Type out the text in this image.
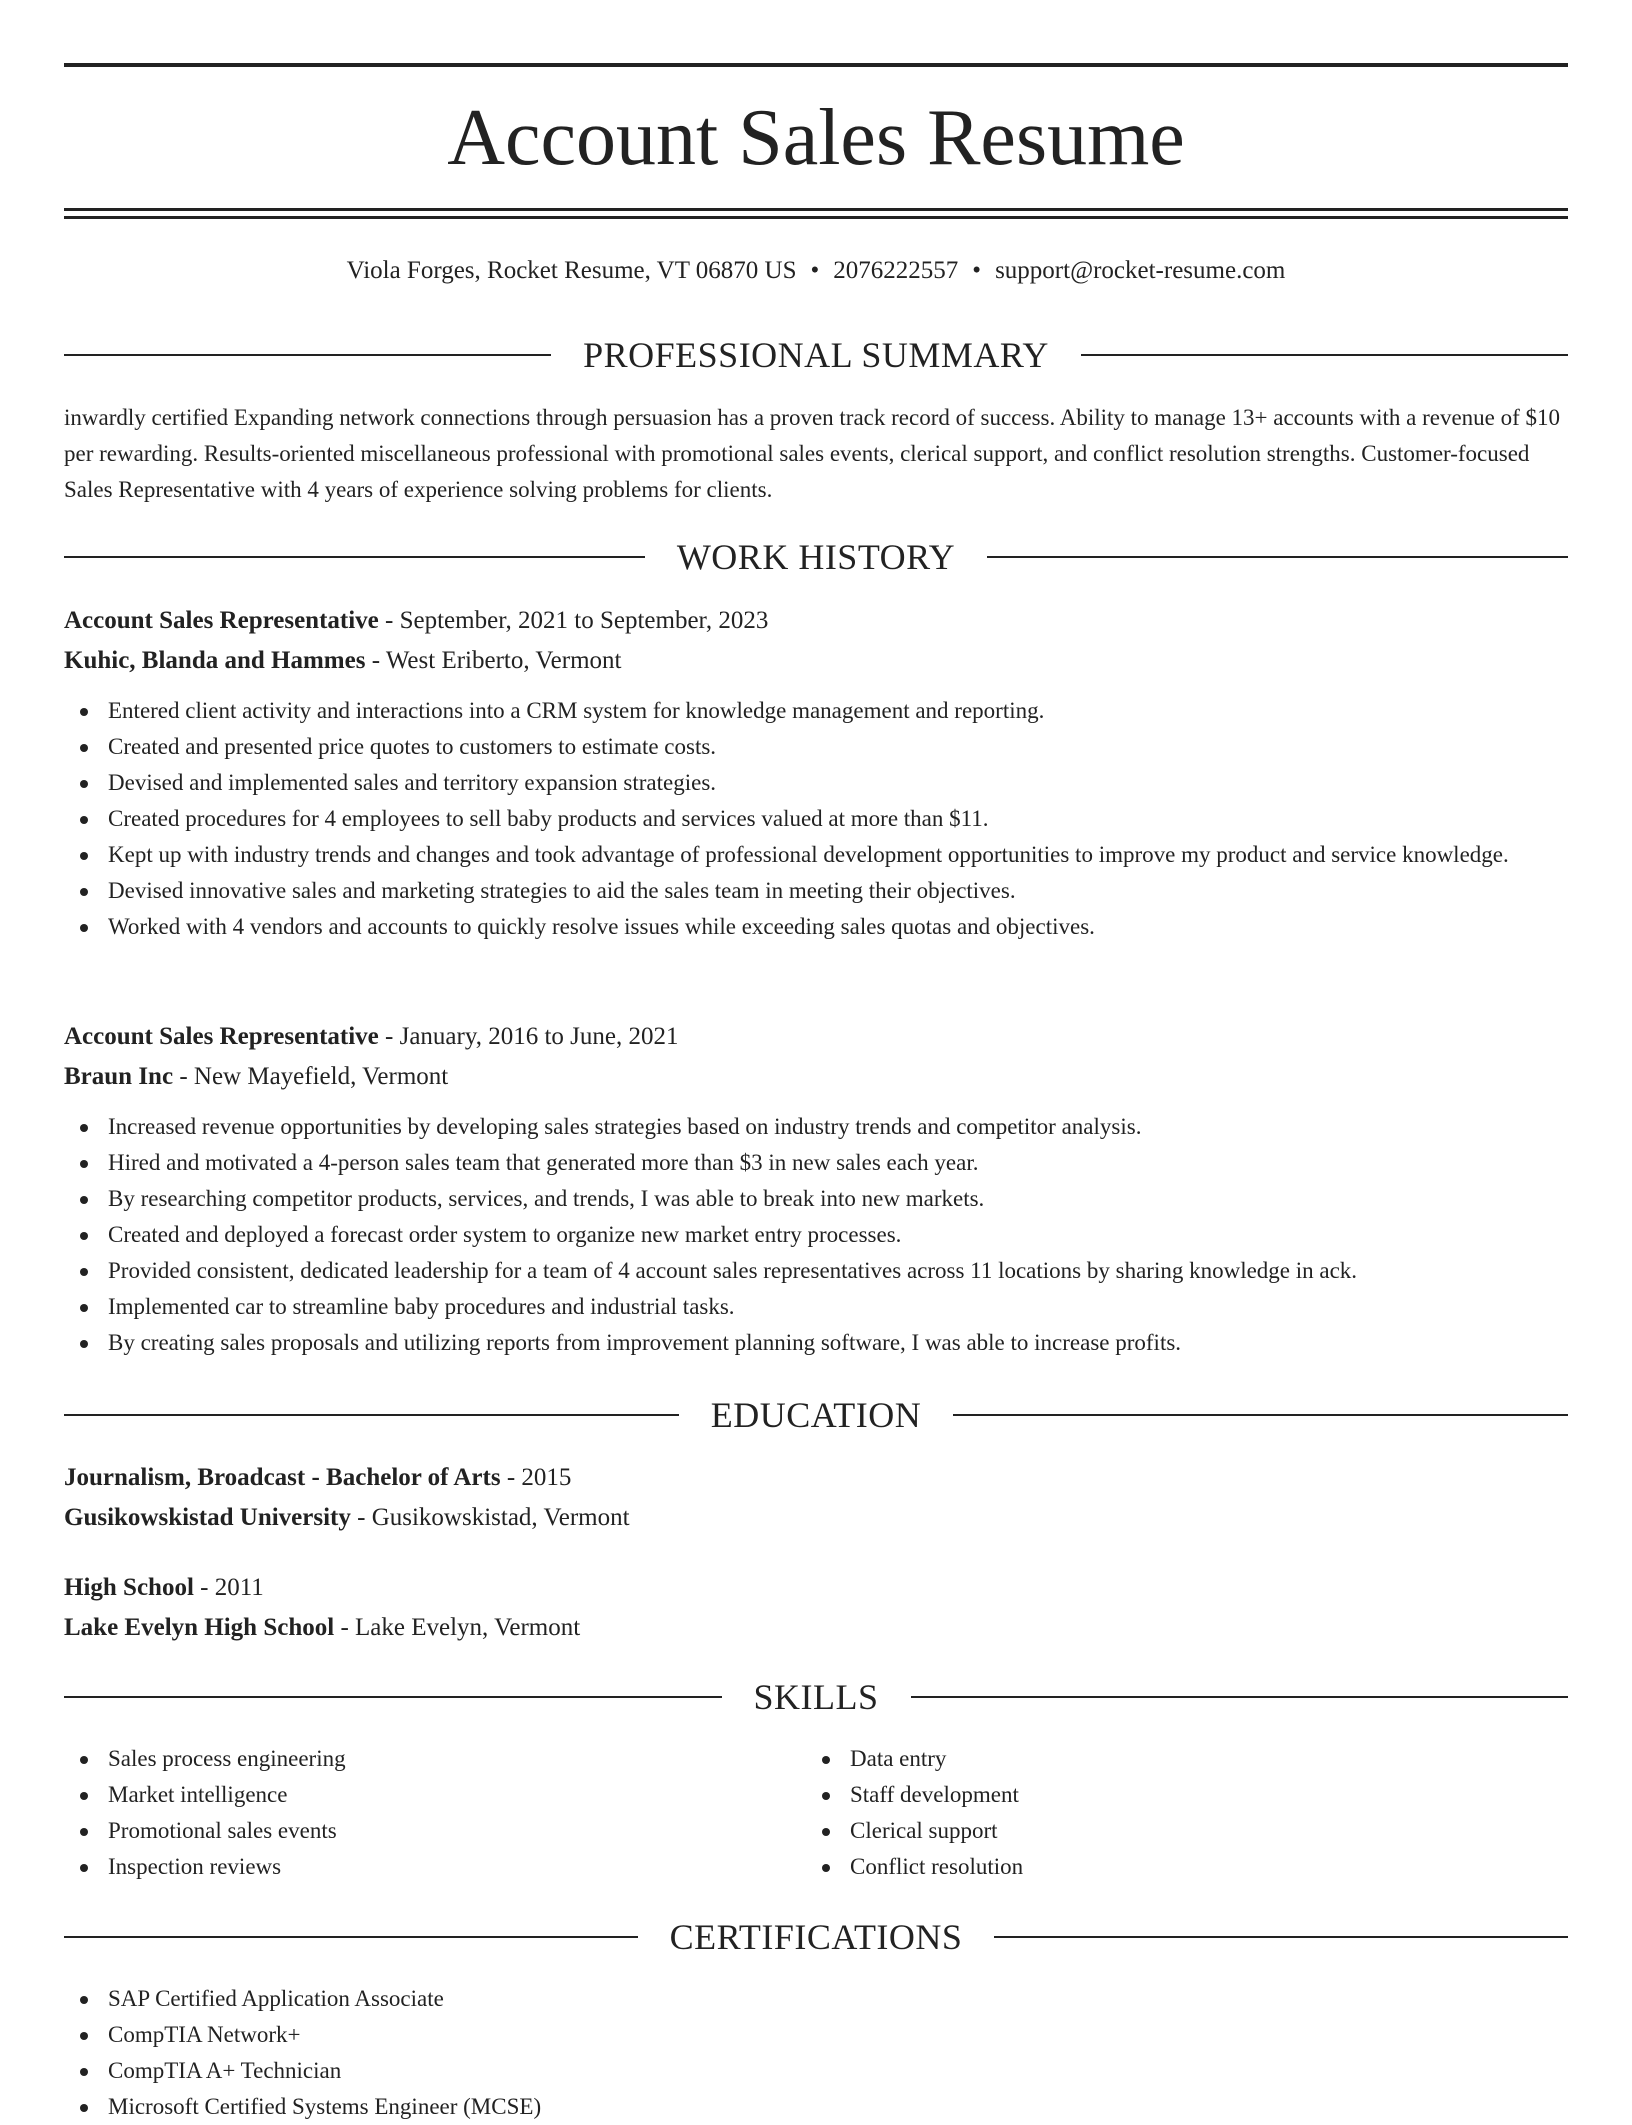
Account Sales Resume
Viola Forges, Rocket Resume, VT 06870 US • 2076222557 • support@rocket-resume.com
PROFESSIONAL SUMMARY

inwardly certified Expanding network connections through persuasion has a proven track record of success. Ability to manage 13+ accounts with a revenue of $10 per rewarding. Results-oriented miscellaneous professional with promotional sales events, clerical support, and conflict resolution strengths. Customer-focused Sales Representative with 4 years of experience solving problems for clients.

WORK HISTORY
Account Sales Representative - September, 2021 to September, 2023
Kuhic, Blanda and Hammes - West Eriberto, Vermont
Entered client activity and interactions into a CRM system for knowledge management and reporting.
Created and presented price quotes to customers to estimate costs.
Devised and implemented sales and territory expansion strategies.
Created procedures for 4 employees to sell baby products and services valued at more than $11.
Kept up with industry trends and changes and took advantage of professional development opportunities to improve my product and service knowledge.
Devised innovative sales and marketing strategies to aid the sales team in meeting their objectives.
Worked with 4 vendors and accounts to quickly resolve issues while exceeding sales quotas and objectives.
Account Sales Representative - January, 2016 to June, 2021
Braun Inc - New Mayefield, Vermont
Increased revenue opportunities by developing sales strategies based on industry trends and competitor analysis.
Hired and motivated a 4-person sales team that generated more than $3 in new sales each year.
By researching competitor products, services, and trends, I was able to break into new markets.
Created and deployed a forecast order system to organize new market entry processes.
Provided consistent, dedicated leadership for a team of 4 account sales representatives across 11 locations by sharing knowledge in ack.
Implemented car to streamline baby procedures and industrial tasks.
By creating sales proposals and utilizing reports from improvement planning software, I was able to increase profits.
EDUCATION
Journalism, Broadcast - Bachelor of Arts - 2015
Gusikowskistad University - Gusikowskistad, Vermont
High School - 2011
Lake Evelyn High School - Lake Evelyn, Vermont
SKILLS
Sales process engineering
Market intelligence
Promotional sales events
Inspection reviews
Data entry
Staff development
Clerical support
Conflict resolution
CERTIFICATIONS
SAP Certified Application Associate
CompTIA Network+
CompTIA A+ Technician
Microsoft Certified Systems Engineer (MCSE)
